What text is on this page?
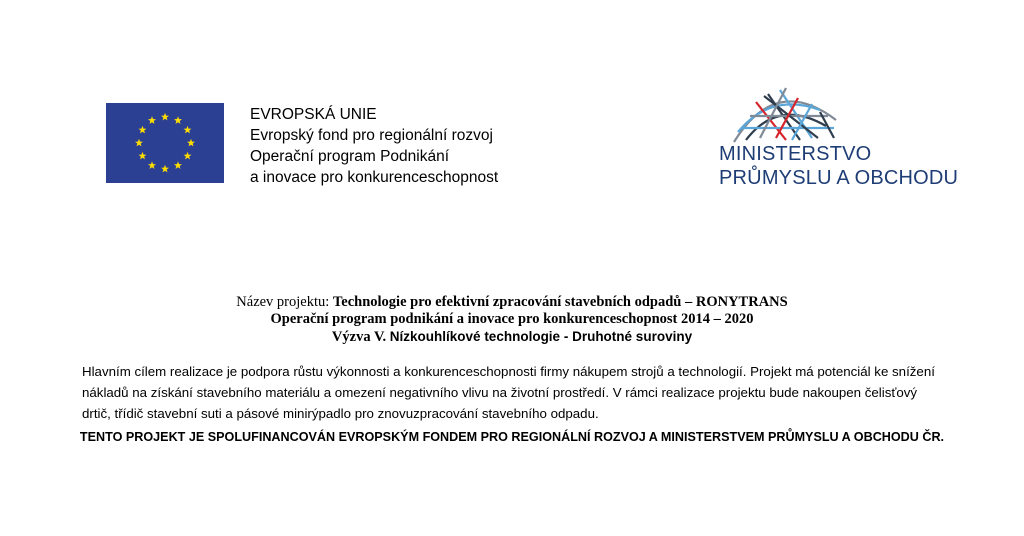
EVROPSKÁ UNIE
Evropský fond pro regionální rozvoj
Operační program Podnikání
a inovace pro konkurenceschopnost
MINISTERSTVO
PRŮMYSLU A OBCHODU
Název projektu: Technologie pro efektivní zpracování stavebních odpadů – RONYTRANS
Operační program podnikání a inovace pro konkurenceschopnost 2014 – 2020
Výzva V. Nízkouhlíkové technologie - Druhotné suroviny
Hlavním cílem realizace je podpora růstu výkonnosti a konkurenceschopnosti firmy nákupem strojů a technologií. Projekt má potenciál ke snížení
nákladů na získání stavebního materiálu a omezení negativního vlivu na životní prostředí. V rámci realizace projektu bude nakoupen čelisťový
drtič, třídič stavební suti a pásové minirýpadlo pro znovuzpracování stavebního odpadu.
TENTO PROJEKT JE SPOLUFINANCOVÁN EVROPSKÝM FONDEM PRO REGIONÁLNÍ ROZVOJ A MINISTERSTVEM PRŮMYSLU A OBCHODU ČR.
